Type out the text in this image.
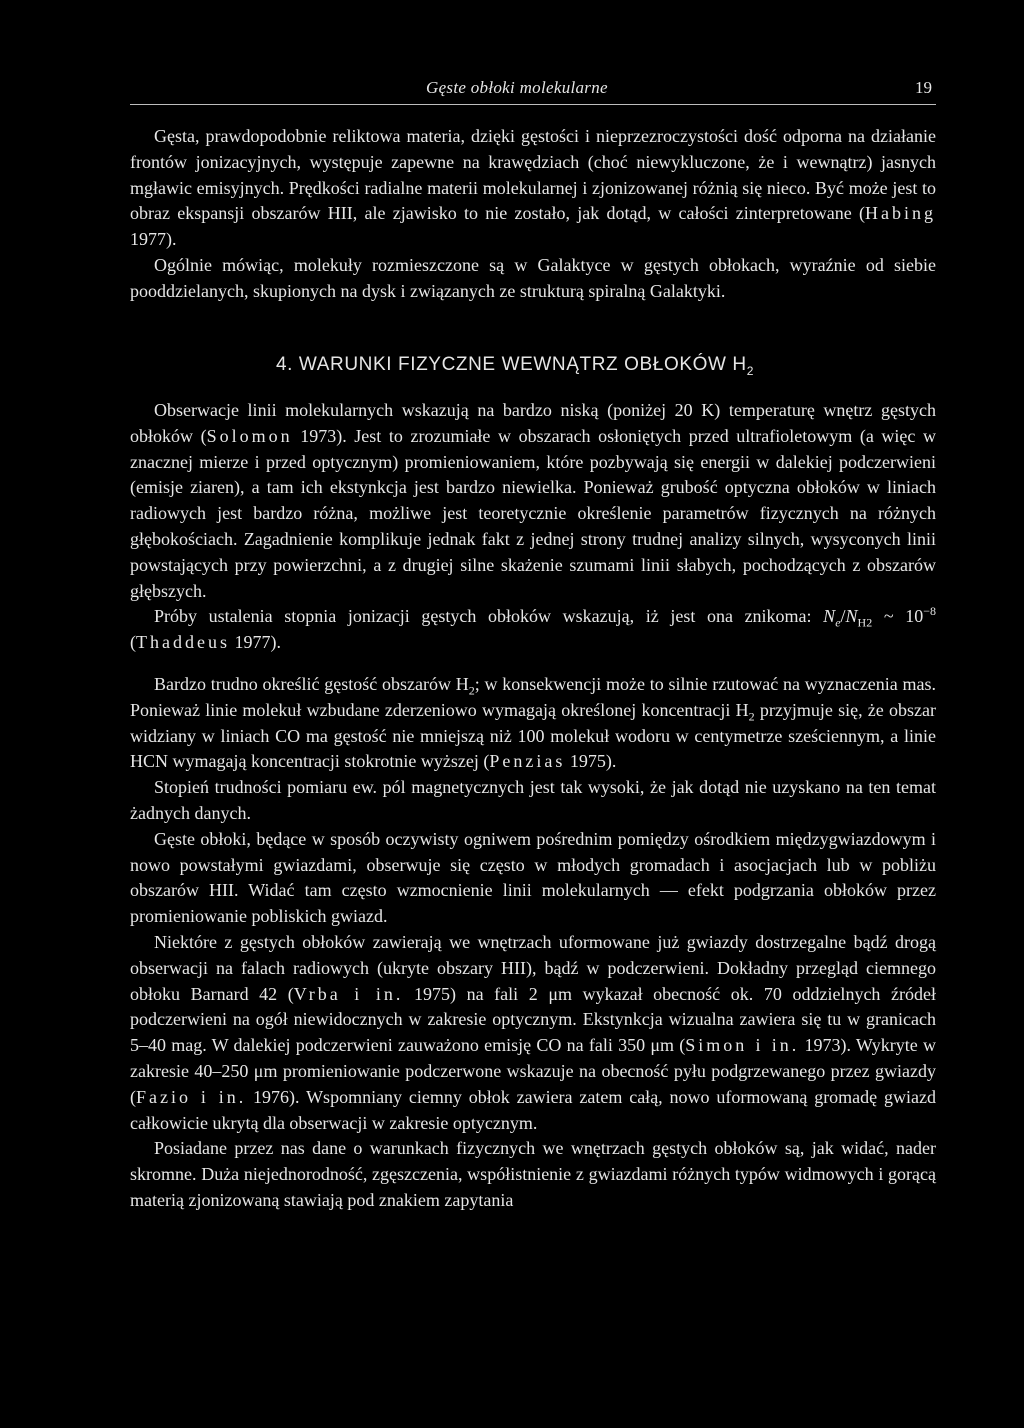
Gęste obłoki molekularne	19

Gęsta, prawdopodobnie reliktowa materia, dzięki gęstości i nieprzezroczystości dość odporna na działanie frontów jonizacyjnych, występuje zapewne na krawędziach (choć niewykluczone, że i wewnątrz) jasnych mgławic emisyjnych. Prędkości radialne materii molekularnej i zjonizowanej różnią się nieco. Być może jest to obraz ekspansji obszarów HII, ale zjawisko to nie zostało, jak dotąd, w całości zinterpretowane (Habing 1977).

Ogólnie mówiąc, molekuły rozmieszczone są w Galaktyce w gęstych obłokach, wyraźnie od siebie pooddzielanych, skupionych na dysk i związanych ze strukturą spiralną Galaktyki.

4. WARUNKI FIZYCZNE WEWNĄTRZ OBŁOKÓW $H_2$

Obserwacje linii molekularnych wskazują na bardzo niską (poniżej 20 K) temperaturę wnętrz gęstych obłoków (Solomon 1973). Jest to zrozumiałe w obszarach osłoniętych przed ultrafioletowym (a więc w znacznej mierze i przed optycznym) promieniowaniem, które pozbywają się energii w dalekiej podczerwieni (emisje ziaren), a tam ich ekstynkcja jest bardzo niewielka. Ponieważ grubość optyczna obłoków w liniach radiowych jest bardzo różna, możliwe jest teoretycznie określenie parametrów fizycznych na różnych głębokościach. Zagadnienie komplikuje jednak fakt z jednej strony trudnej analizy silnych, wysyconych linii powstających przy powierzchni, a z drugiej silne skażenie szumami linii słabych, pochodzących z obszarów głębszych.

Próby ustalenia stopnia jonizacji gęstych obłoków wskazują, iż jest ona znikoma: $N_e/N_{H2}$ ~ $10^{-8}$ (Thaddeus 1977).

Bardzo trudno określić gęstość obszarów $H_2$; w konsekwencji może to silnie rzutować na wyznaczenia mas. Ponieważ linie molekuł wzbudane zderzeniowo wymagają określonej koncentracji $H_2$ przyjmuje się, że obszar widziany w liniach CO ma gęstość nie mniejszą niż 100 molekuł wodoru w centymetrze sześciennym, a linie HCN wymagają koncentracji stokrotnie wyższej (Penzias 1975).

Stopień trudności pomiaru ew. pól magnetycznych jest tak wysoki, że jak dotąd nie uzyskano na ten temat żadnych danych.

Gęste obłoki, będące w sposób oczywisty ogniwem pośrednim pomiędzy ośrodkiem międzygwiazdowym i nowo powstałymi gwiazdami, obserwuje się często w młodych gromadach i asocjacjach lub w pobliżu obszarów HII. Widać tam często wzmocnienie linii molekularnych — efekt podgrzania obłoków przez promieniowanie pobliskich gwiazd.

Niektóre z gęstych obłoków zawierają we wnętrzach uformowane już gwiazdy dostrzegalne bądź drogą obserwacji na falach radiowych (ukryte obszary HII), bądź w podczerwieni. Dokładny przegląd ciemnego obłoku Barnard 42 (Vrba i in. 1975) na fali 2 μm wykazał obecność ok. 70 oddzielnych źródeł podczerwieni na ogół niewidocznych w zakresie optycznym. Ekstynkcja wizualna zawiera się tu w granicach 5–40 mag. W dalekiej podczerwieni zauważono emisję CO na fali 350 μm (Simon i in. 1973). Wykryte w zakresie 40–250 μm promieniowanie podczerwone wskazuje na obecność pyłu podgrzewanego przez gwiazdy (Fazio i in. 1976). Wspomniany ciemny obłok zawiera zatem całą, nowo uformowaną gromadę gwiazd całkowicie ukrytą dla obserwacji w zakresie optycznym.

Posiadane przez nas dane o warunkach fizycznych we wnętrzach gęstych obłoków są, jak widać, nader skromne. Duża niejednorodność, zgęszczenia, współistnienie z gwiazdami różnych typów widmowych i gorącą materią zjonizowaną stawiają pod znakiem zapytania
